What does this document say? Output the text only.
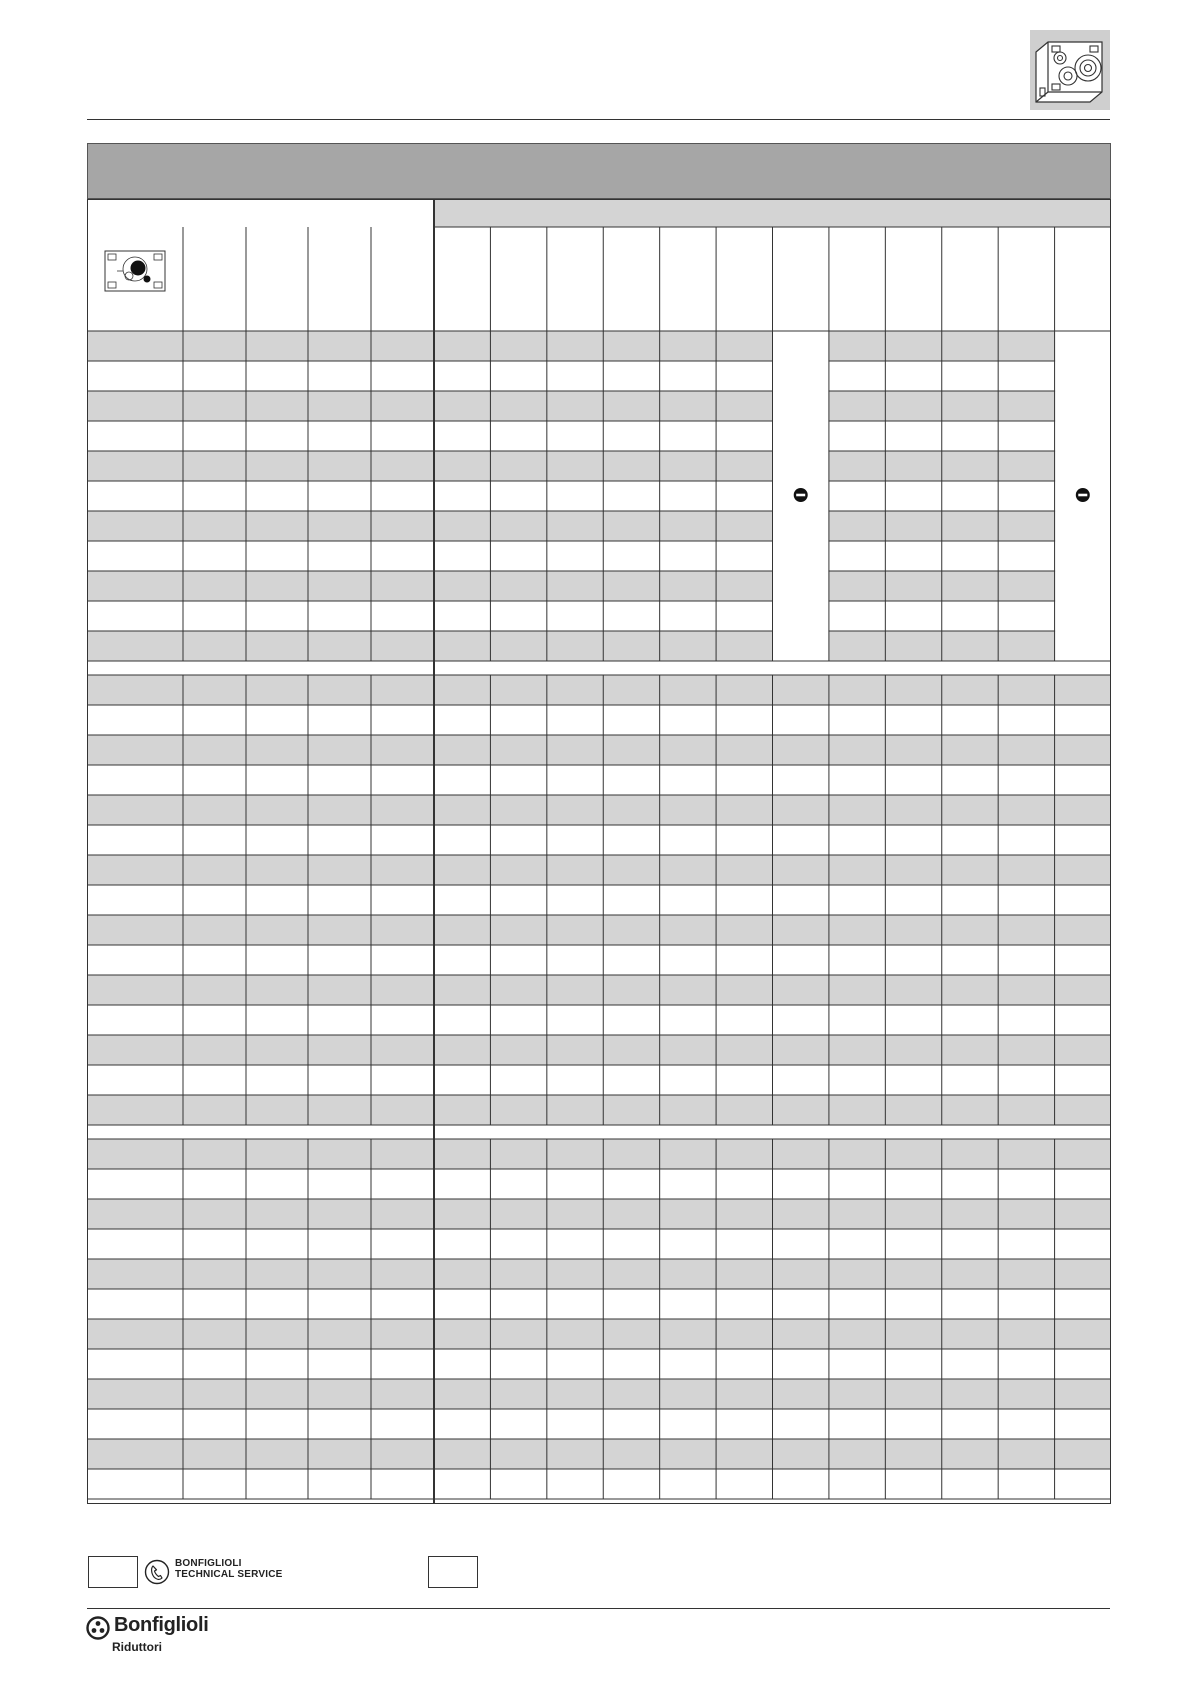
BONFIGLIOLI
TECHNICAL SERVICE
Bonfiglioli
Riduttori
